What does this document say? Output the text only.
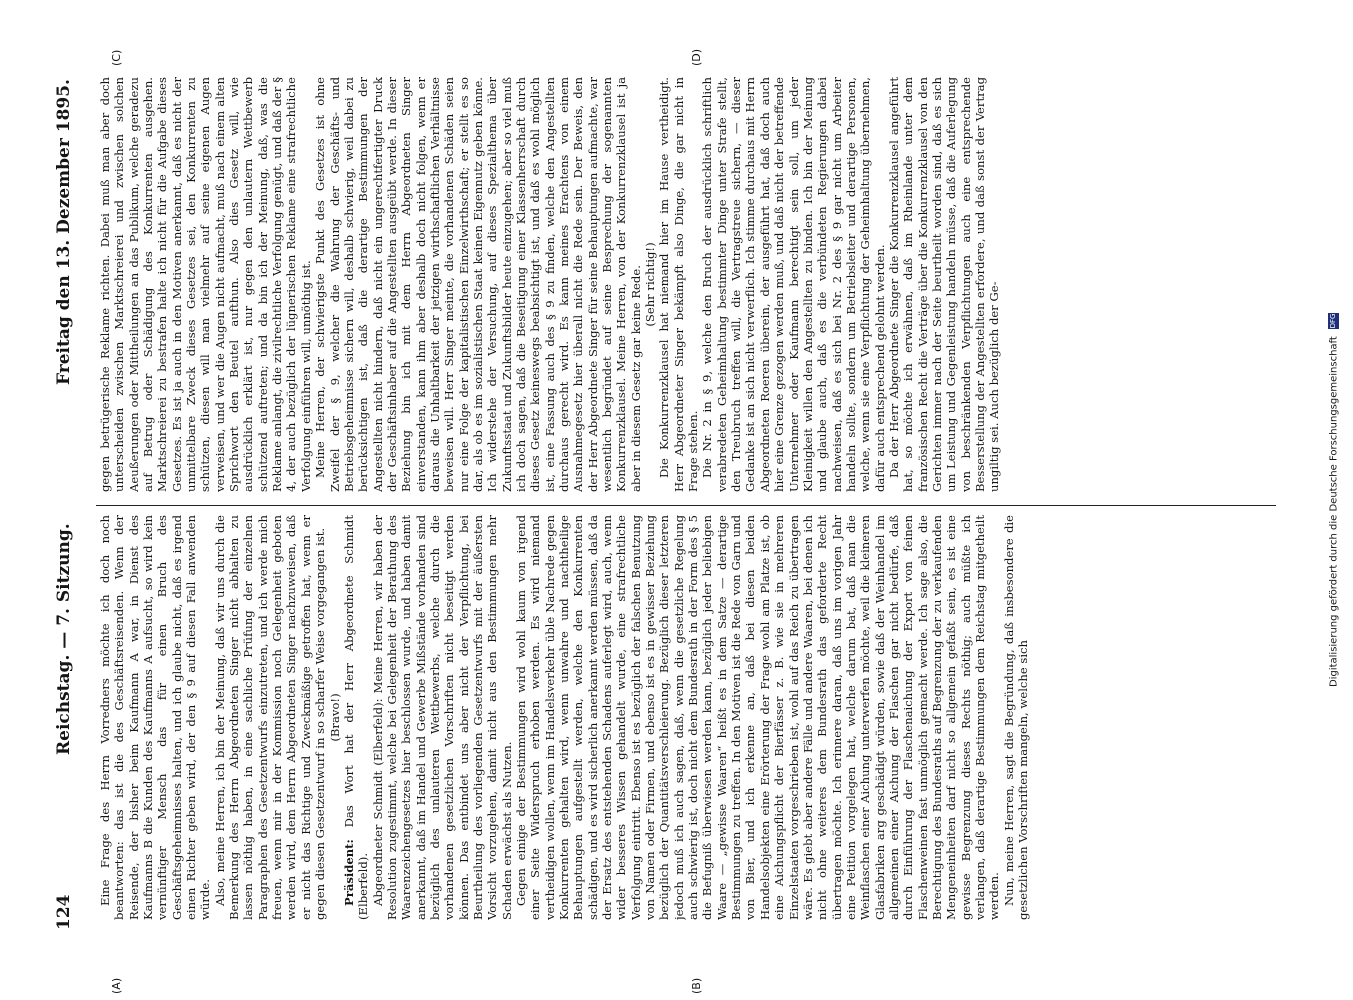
124
Reichstag. — 7. Sitzung.
Freitag den 13. Dezember 1895.
(A)	(B)
(C)	(D)

Eine Frage des Herrn Vorredners möchte ich doch noch beantworten: das ist die des Geschäftsreisenden. Wenn der Reisende, der bisher beim Kaufmann A war, in Dienst des Kaufmanns B die Kunden des Kaufmanns A aufsucht, so wird kein vernünftiger Mensch das für einen Bruch des Geschäftsgeheimnisses halten, und ich glaube nicht, daß es irgend einen Richter geben wird, der den § 9 auf diesen Fall anwenden würde. Also, meine Herren, ich bin der Meinung, daß wir uns durch die Bemerkung des Herrn Abgeordneten Singer nicht abhalten zu lassen nöthig haben, in eine sachliche Prüfung der einzelnen Paragraphen des Gesetzentwurfs einzutreten, und ich werde mich freuen, wenn mir in der Kommission noch Gelegenheit geboten werden wird, dem Herrn Abgeordneten Singer nachzuweisen, daß er nicht das Richtige und Zweckmäßige getroffen hat, wenn er gegen diesen Gesetzentwurf in so scharfer Weise vorgegangen ist. (Bravo!)

Präsident: Das Wort hat der Herr Abgeordnete Schmidt (Elberfeld). Abgeordneter Schmidt (Elberfeld): Meine Herren, wir haben der Resolution zugestimmt, welche bei Gelegenheit der Berathung des Waarenzeichengesetzes hier beschlossen wurde, und haben damit anerkannt, daß im Handel und Gewerbe Mißstände vorhanden sind bezüglich des unlauteren Wettbewerbs, welche durch die vorhandenen gesetzlichen Vorschriften nicht beseitigt werden können. Das entbindet uns aber nicht der Verpflichtung, bei Beurtheilung des vorliegenden Gesetzentwurfs mit der äußersten Vorsicht vorzugehen, damit nicht aus den Bestimmungen mehr Schaden erwächst als Nutzen. Gegen einige der Bestimmungen wird wohl kaum von irgend einer Seite Widerspruch erhoben werden. Es wird niemand vertheidigen wollen, wenn im Handelsverkehr üble Nachrede gegen Konkurrenten gehalten wird, wenn unwahre und nachtheilige Behauptungen aufgestellt werden, welche den Konkurrenten schädigen, und es wird sicherlich anerkannt werden müssen, daß da der Ersatz des entstehenden Schadens auferlegt wird, auch, wenn wider besseres Wissen gehandelt wurde, eine strafrechtliche Verfolgung eintritt. Ebenso ist es bezüglich der falschen Benutzung von Namen oder Firmen, und ebenso ist es in gewisser Beziehung bezüglich der Quantitätsverschleierung. Bezüglich dieser letzteren jedoch muß ich auch sagen, daß, wenn die gesetzliche Regelung auch schwierig ist, doch nicht dem Bundesrath in der Form des § 5 die Befugniß überwiesen werden kann, bezüglich jeder beliebigen Waare — „gewisse Waaren“ heißt es in dem Satze — derartige Bestimmungen zu treffen. In den Motiven ist die Rede von Garn und von Bier, und ich erkenne an, daß bei diesen beiden Handelsobjekten eine Erörterung der Frage wohl am Platze ist, ob eine Aichungspflicht der Bierfässer z. B. wie sie in mehreren Einzelstaaten vorgeschrieben ist, wohl auf das Reich zu übertragen wäre. Es giebt aber andere Fälle und andere Waaren, bei denen ich nicht ohne weiteres dem Bundesrath das geforderte Recht übertragen möchte. Ich erinnere daran, daß uns im vorigen Jahr eine Petition vorgelegen hat, welche darum bat, daß man die Weinflaschen einer Aichung unterwerfen möchte, weil die kleineren Glasfabriken arg geschädigt würden, sowie daß der Weinhandel im allgemeinen einer Aichung der Flaschen gar nicht bedürfe, daß durch Einführung der Flaschenaichung der Export von feinen Flaschenweinen fast unmöglich gemacht werde. Ich sage also, die Berechtigung des Bundesraths auf Begrenzung der zu verkaufenden Mengeneinheiten darf nicht so allgemein gefaßt sein, es ist eine gewisse Begrenzung dieses Rechts nöthig; auch müßte ich verlangen, daß derartige Bestimmungen dem Reichstag mitgetheilt werden. Nun, meine Herren, sagt die Begründung, daß insbesondere die gesetzlichen Vorschriften mangeln, welche sich

gegen betrügerische Reklame richten. Dabei muß man aber doch unterscheiden zwischen Marktschreierei und zwischen solchen Aeußerungen oder Mittheilungen an das Publikum, welche geradezu auf Betrug oder Schädigung des Konkurrenten ausgehen. Marktschreierei zu bestrafen halte ich nicht für die Aufgabe dieses Gesetzes. Es ist ja auch in den Motiven anerkannt, daß es nicht der unmittelbare Zweck dieses Gesetzes sei, den Konkurrenten zu schützen, diesen will man vielmehr auf seine eigenen Augen verweisen, und wer die Augen nicht aufmacht, muß nach einem alten Sprichwort den Beutel aufthun. Also dies Gesetz will, wie ausdrücklich erklärt ist, nur gegen den unlautern Wettbewerb schützend auftreten; und da bin ich der Meinung, daß, was die Reklame anlangt, die zivilrechtliche Verfolgung genügt, und daß der § 4, der auch bezüglich der lügnerischen Reklame eine strafrechtliche Verfolgung einführen will, unnöthig ist. Meine Herren, der schwierigste Punkt des Gesetzes ist ohne Zweifel der § 9, welcher die Wahrung der Geschäfts- und Betriebsgeheimnisse sichern will, deshalb schwierig, weil dabei zu berücksichtigen ist, daß die derartige Bestimmungen der Angestellten nicht hindern, daß nicht ein ungerechtfertigter Druck der Geschäftsinhaber auf die Angestellten ausgeübt werde. In dieser Beziehung bin ich mit dem Herrn Abgeordneten Singer einverstanden, kann ihm aber deshalb doch nicht folgen, wenn er daraus die Unhaltbarkeit der jetzigen wirthschaftlichen Verhältnisse beweisen will. Herr Singer meinte, die vorhandenen Schäden seien nur eine Folge der kapitalistischen Einzelwirthschaft; er stellt es so dar, als ob es im sozialistischen Staat keinen Eigennutz geben könne. Ich widerstehe der Versuchung, auf dieses Spezialthema über Zukunftsstaat und Zukunftsbilder heute einzugehen; aber so viel muß ich doch sagen, daß die Beseitigung einer Klassenherrschaft durch dieses Gesetz keineswegs beabsichtigt ist, und daß es wohl möglich ist, eine Fassung auch des § 9 zu finden, welche den Angestellten durchaus gerecht wird. Es kann meines Erachtens von einem Ausnahmegesetz hier überall nicht die Rede sein. Der Beweis, den der Herr Abgeordnete Singer für seine Behauptungen aufmachte, war wesentlich begründet auf seine Besprechung der sogenannten Konkurrenzklausel. Meine Herren, von der Konkurrenzklausel ist ja aber in diesem Gesetz gar keine Rede. (Sehr richtig!) Die Konkurrenzklausel hat niemand hier im Hause vertheidigt. Herr Abgeordneter Singer bekämpft also Dinge, die gar nicht in Frage stehen. Die Nr. 2 in § 9, welche den Bruch der ausdrücklich schriftlich verabredeten Geheimhaltung bestimmter Dinge unter Strafe stellt, den Treubruch treffen will, die Vertragstreue sichern, — dieser Gedanke ist an sich nicht verwerflich. Ich stimme durchaus mit Herrn Abgeordneten Roeren überein, der ausgeführt hat, daß doch auch hier eine Grenze gezogen werden muß, und daß nicht der betreffende Unternehmer oder Kaufmann berechtigt sein soll, um jeder Kleinigkeit willen den Angestellten zu binden. Ich bin der Meinung und glaube auch, daß es die verbündeten Regierungen dabei nachweisen, daß es sich bei Nr. 2 des § 9 gar nicht um Arbeiter handeln sollte, sondern um Betriebsleiter und derartige Personen, welche, wenn sie eine Verpflichtung der Geheimhaltung übernehmen, dafür auch entsprechend gelohnt werden. Da der Herr Abgeordnete Singer die Konkurrenzklausel angeführt hat, so möchte ich erwähnen, daß im Rheinlande unter dem französischen Recht die Verträge über die Konkurrenzklausel von den Gerichten immer nach der Seite beurtheilt worden sind, daß es sich um Leistung und Gegenleistung handeln müsse, daß die Auferlegung von beschränkenden Verpflichtungen auch eine entsprechende Besserstellung der Angestellten erfordere, und daß sonst der Vertrag ungiltig sei. Auch bezüglich der Ge-	Digitalisierung gefördert durch die Deutsche Forschungsgemeinschaft DFG
